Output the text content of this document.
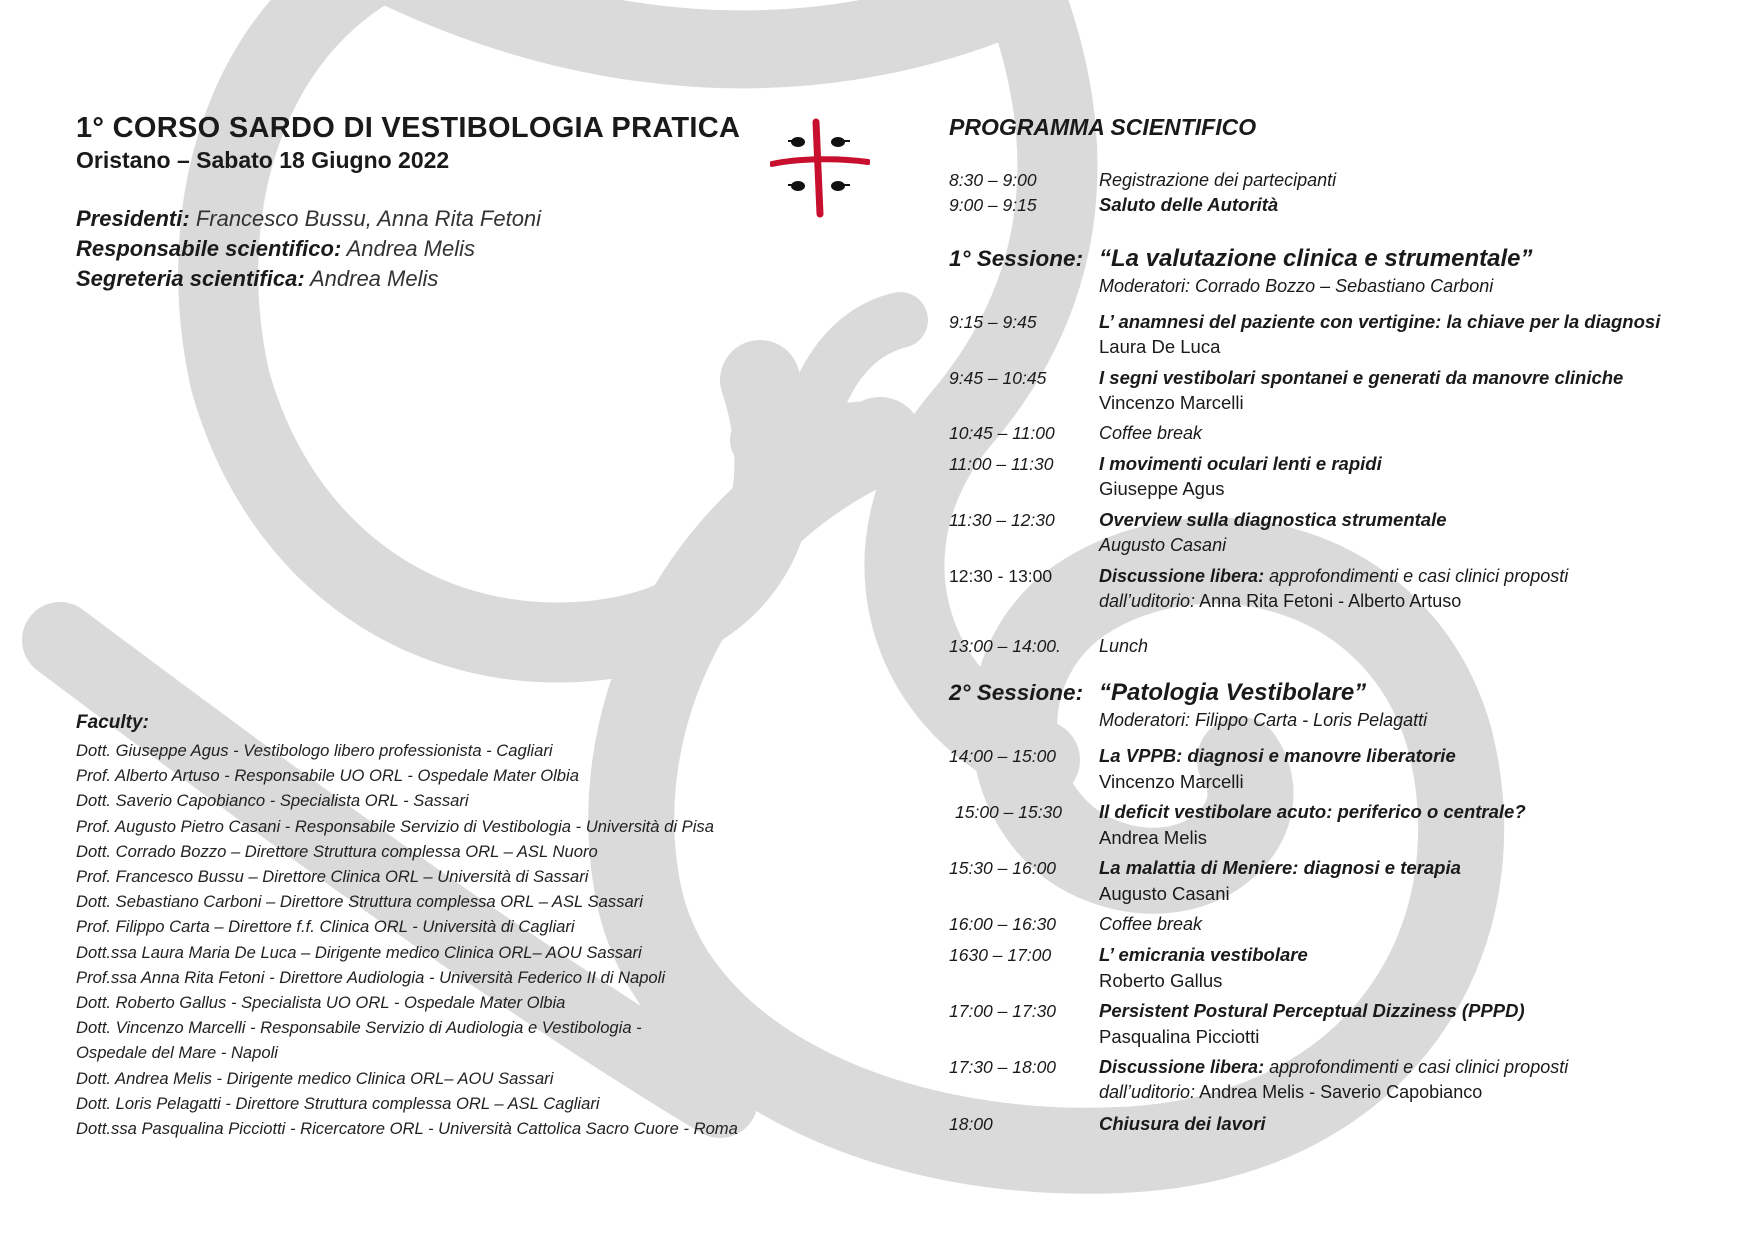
1° CORSO SARDO DI VESTIBOLOGIA PRATICA
Oristano – Sabato 18 Giugno 2022
Presidenti: Francesco Bussu, Anna Rita Fetoni
Responsabile scientifico: Andrea Melis
Segreteria scientifica: Andrea Melis
Faculty:
Dott. Giuseppe Agus - Vestibologo libero professionista - Cagliari
Prof. Alberto Artuso - Responsabile UO ORL - Ospedale Mater Olbia
Dott. Saverio Capobianco - Specialista ORL - Sassari
Prof. Augusto Pietro Casani - Responsabile Servizio di Vestibologia - Università di Pisa
Dott. Corrado Bozzo – Direttore Struttura complessa ORL – ASL Nuoro
Prof. Francesco Bussu – Direttore Clinica ORL – Università di Sassari
Dott. Sebastiano Carboni – Direttore Struttura complessa ORL – ASL Sassari
Prof. Filippo Carta – Direttore f.f. Clinica ORL - Università di Cagliari
Dott.ssa Laura Maria De Luca – Dirigente medico Clinica ORL– AOU Sassari
Prof.ssa Anna Rita Fetoni - Direttore Audiologia - Università Federico II di Napoli
Dott. Roberto Gallus - Specialista UO ORL - Ospedale Mater Olbia
Dott. Vincenzo Marcelli - Responsabile Servizio di Audiologia e Vestibologia -
Ospedale del Mare - Napoli
Dott. Andrea Melis - Dirigente medico Clinica ORL– AOU Sassari
Dott. Loris Pelagatti - Direttore Struttura complessa ORL – ASL Cagliari
Dott.ssa Pasqualina Picciotti - Ricercatore ORL - Università Cattolica Sacro Cuore - Roma
PROGRAMMA SCIENTIFICO
8:30 – 9:00	Registrazione dei partecipanti
9:00 – 9:15	Saluto delle Autorità
1° Sessione: “La valutazione clinica e strumentale”
Moderatori: Corrado Bozzo – Sebastiano Carboni
9:15 – 9:45	L’ anamnesi del paziente con vertigine: la chiave per la diagnosi
Laura De Luca
9:45 – 10:45	I segni vestibolari spontanei e generati da manovre cliniche
Vincenzo Marcelli
10:45 – 11:00 Coffee break
11:00 – 11:30 I movimenti oculari lenti e rapidi
Giuseppe Agus
11:30 – 12:30 Overview sulla diagnostica strumentale
Augusto Casani
12:30 - 13:00	Discussione libera: approfondimenti e casi clinici proposti
dall’uditorio: Anna Rita Fetoni - Alberto Artuso
13:00 – 14:00. Lunch
2° Sessione: “Patologia Vestibolare”
Moderatori: Filippo Carta - Loris Pelagatti
14:00 – 15:00 La VPPB: diagnosi e manovre liberatorie
Vincenzo Marcelli
15:00 – 15:30 Il deficit vestibolare acuto: periferico o centrale?
Andrea Melis
15:30 – 16:00 La malattia di Meniere: diagnosi e terapia
Augusto Casani
16:00 – 16:30 Coffee break
1630 – 17:00	L’ emicrania vestibolare
Roberto Gallus
17:00 – 17:30 Persistent Postural Perceptual Dizziness (PPPD)
Pasqualina Picciotti
17:30 – 18:00 Discussione libera: approfondimenti e casi clinici proposti
dall’uditorio: Andrea Melis - Saverio Capobianco
18:00	Chiusura dei lavori
